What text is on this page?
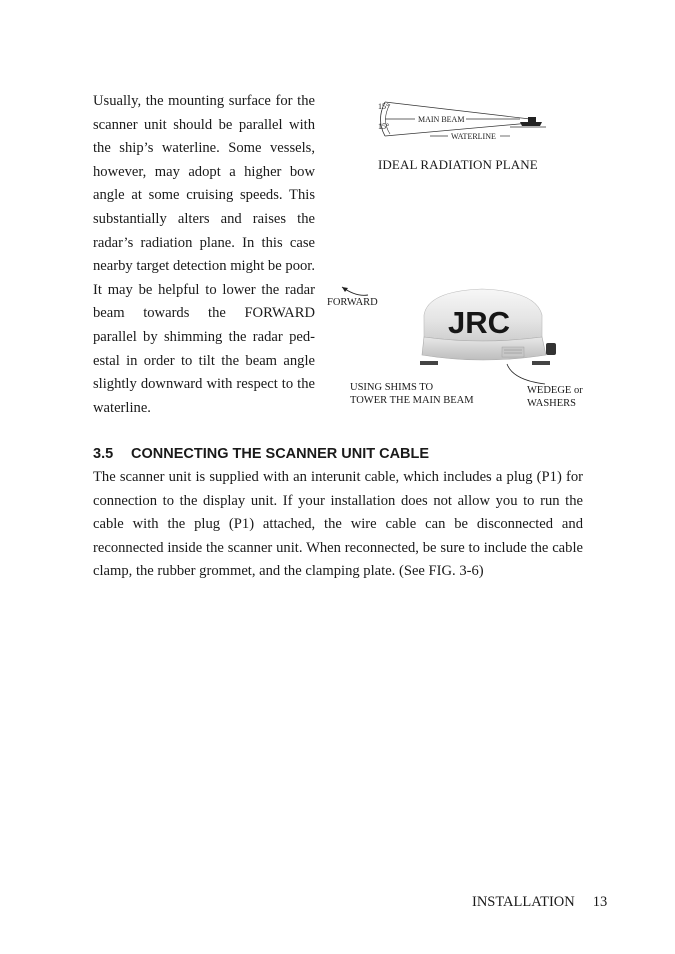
Usually, the mounting surface for the scanner unit should be parallel with the ship’s waterline. Some vessels, however, may adopt a higher bow angle at some cruising speeds. This substantially alters and raises the radar’s radiation plane. In this case nearby target detection might be poor. It may be helpful to lower the radar beam towards the FORWARD parallel by shimming the radar ped-estal in order to tilt the beam angle slightly downward with respect to the waterline.
15°
15°
MAIN BEAM
WATERLINE
IDEAL RADIATION PLANE
FORWARD
JRC
USING SHIMS TO
TOWER THE MAIN BEAM
WEDEGE or
WASHERS
3.5 CONNECTING THE SCANNER UNIT CABLE
The scanner unit is supplied with an interunit cable, which includes a plug (P1) for connection to the display unit. If your installation does not allow you to run the cable with the plug (P1) attached, the wire cable can be disconnected and reconnected inside the scanner unit. When reconnected, be sure to include the cable clamp, the rubber grommet, and the clamping plate. (See FIG. 3-6)
INSTALLATION 13
